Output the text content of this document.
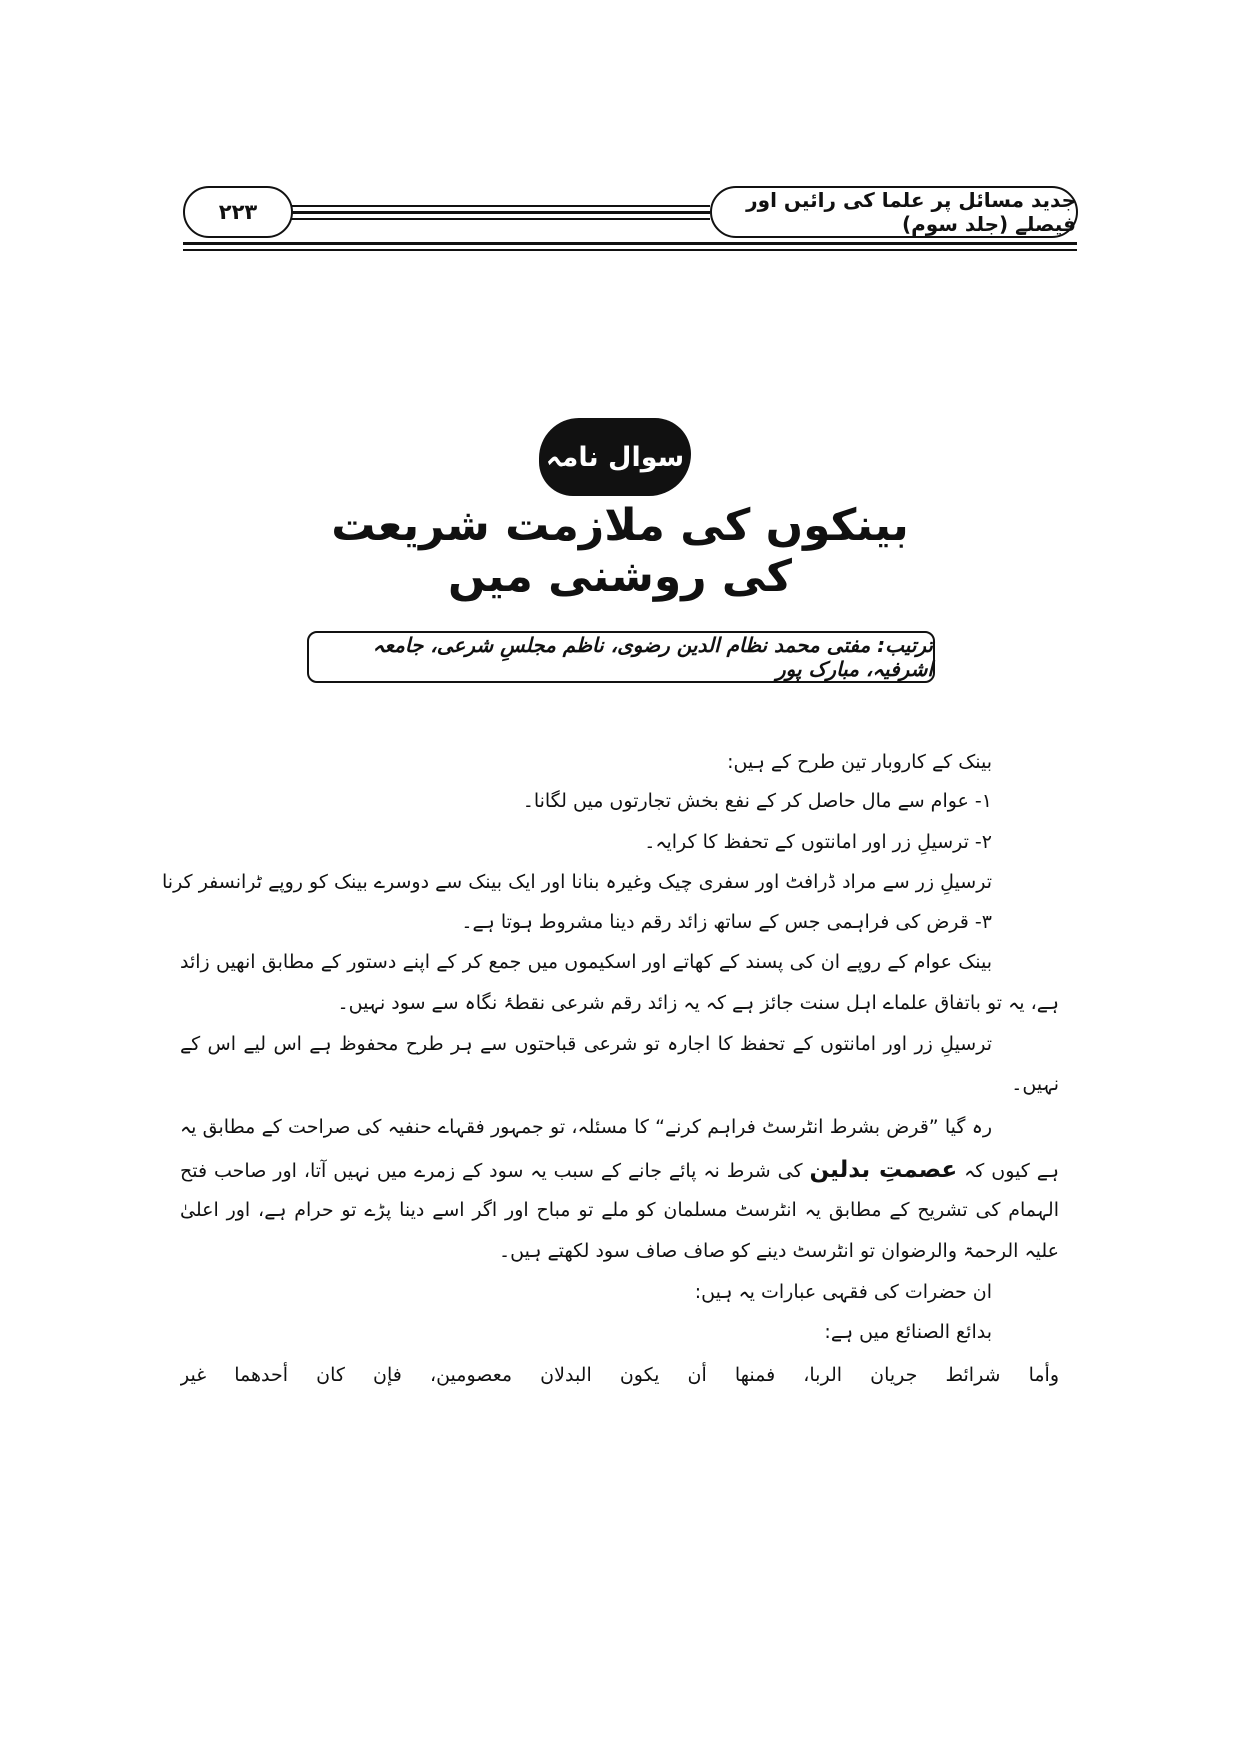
۲۲۳	جدید مسائل پر علما کی رائیں اور فیصلے (جلد سوم)
سوال نامہ
بینکوں کی ملازمت شریعت کی روشنی میں
ترتیب: مفتی محمد نظام الدین رضوی، ناظم مجلسِ شرعی، جامعہ اشرفیہ، مبارک پور
بینک کے کاروبار تین طرح کے ہیں:
۱- عوام سے مال حاصل کر کے نفع بخش تجارتوں میں لگانا۔
۲- ترسیلِ زر اور امانتوں کے تحفظ کا کرایہ۔
ترسیلِ زر سے مراد ڈرافٹ اور سفری چیک وغیرہ بنانا اور ایک بینک سے دوسرے بینک کو روپے ٹرانسفر کرنا
۳- قرض کی فراہمی جس کے ساتھ زائد رقم دینا مشروط ہوتا ہے۔
بینک عوام کے روپے ان کی پسند کے کھاتے اور اسکیموں میں جمع کر کے اپنے دستور کے مطابق انھیں زائد
ہے، یہ تو باتفاق علماے اہل سنت جائز ہے کہ یہ زائد رقم شرعی نقطۂ نگاہ سے سود نہیں۔
ترسیلِ زر اور امانتوں کے تحفظ کا اجارہ تو شرعی قباحتوں سے ہر طرح محفوظ ہے اس لیے اس کے
نہیں۔
رہ گیا ”قرض بشرط انٹرسٹ فراہم کرنے“ کا مسئلہ، تو جمہور فقہاے حنفیہ کی صراحت کے مطابق یہ
ہے کیوں کہ عصمتِ بدلین کی شرط نہ پائے جانے کے سبب یہ سود کے زمرے میں نہیں آتا، اور صاحب فتح
الہمام کی تشریح کے مطابق یہ انٹرسٹ مسلمان کو ملے تو مباح اور اگر اسے دینا پڑے تو حرام ہے، اور اعلیٰ
علیہ الرحمۃ والرضوان تو انٹرسٹ دینے کو صاف صاف سود لکھتے ہیں۔
ان حضرات کی فقہی عبارات یہ ہیں:
بدائع الصنائع میں ہے:
وأما شرائط جريان الربا، فمنها أن يكون البدلان معصومين، فإن كان أحدهما غير
